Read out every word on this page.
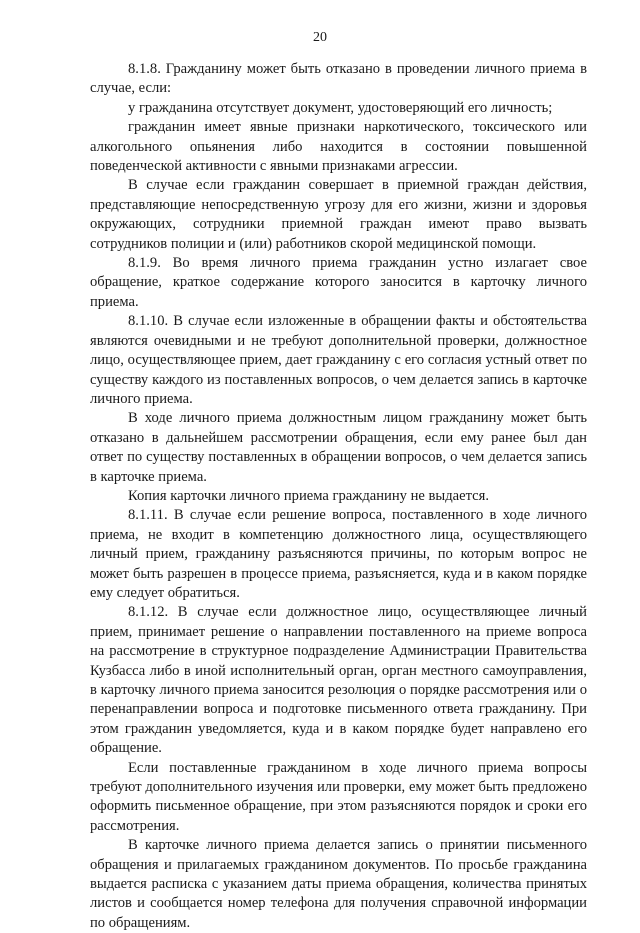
20

8.1.8. Гражданину может быть отказано в проведении личного приема в случае, если:

у гражданина отсутствует документ, удостоверяющий его личность;

гражданин имеет явные признаки наркотического, токсического или алкогольного опьянения либо находится в состоянии повышенной поведенческой активности с явными признаками агрессии.

В случае если гражданин совершает в приемной граждан действия, представляющие непосредственную угрозу для его жизни, жизни и здоровья окружающих, сотрудники приемной граждан имеют право вызвать сотрудников полиции и (или) работников скорой медицинской помощи.

8.1.9. Во время личного приема гражданин устно излагает свое обращение, краткое содержание которого заносится в карточку личного приема.

8.1.10. В случае если изложенные в обращении факты и обстоятельства являются очевидными и не требуют дополнительной проверки, должностное лицо, осуществляющее прием, дает гражданину с его согласия устный ответ по существу каждого из поставленных вопросов, о чем делается запись в карточке личного приема.

В ходе личного приема должностным лицом гражданину может быть отказано в дальнейшем рассмотрении обращения, если ему ранее был дан ответ по существу поставленных в обращении вопросов, о чем делается запись в карточке приема.

Копия карточки личного приема гражданину не выдается.

8.1.11. В случае если решение вопроса, поставленного в ходе личного приема, не входит в компетенцию должностного лица, осуществляющего личный прием, гражданину разъясняются причины, по которым вопрос не может быть разрешен в процессе приема, разъясняется, куда и в каком порядке ему следует обратиться.

8.1.12. В случае если должностное лицо, осуществляющее личный прием, принимает решение о направлении поставленного на приеме вопроса на рассмотрение в структурное подразделение Администрации Правительства Кузбасса либо в иной исполнительный орган, орган местного самоуправления, в карточку личного приема заносится резолюция о порядке рассмотрения или о перенаправлении вопроса и подготовке письменного ответа гражданину. При этом гражданин уведомляется, куда и в каком порядке будет направлено его обращение.

Если поставленные гражданином в ходе личного приема вопросы требуют дополнительного изучения или проверки, ему может быть предложено оформить письменное обращение, при этом разъясняются порядок и сроки его рассмотрения.

В карточке личного приема делается запись о принятии письменного обращения и прилагаемых гражданином документов. По просьбе гражданина выдается расписка с указанием даты приема обращения, количества принятых листов и сообщается номер телефона для получения справочной информации по обращениям.
